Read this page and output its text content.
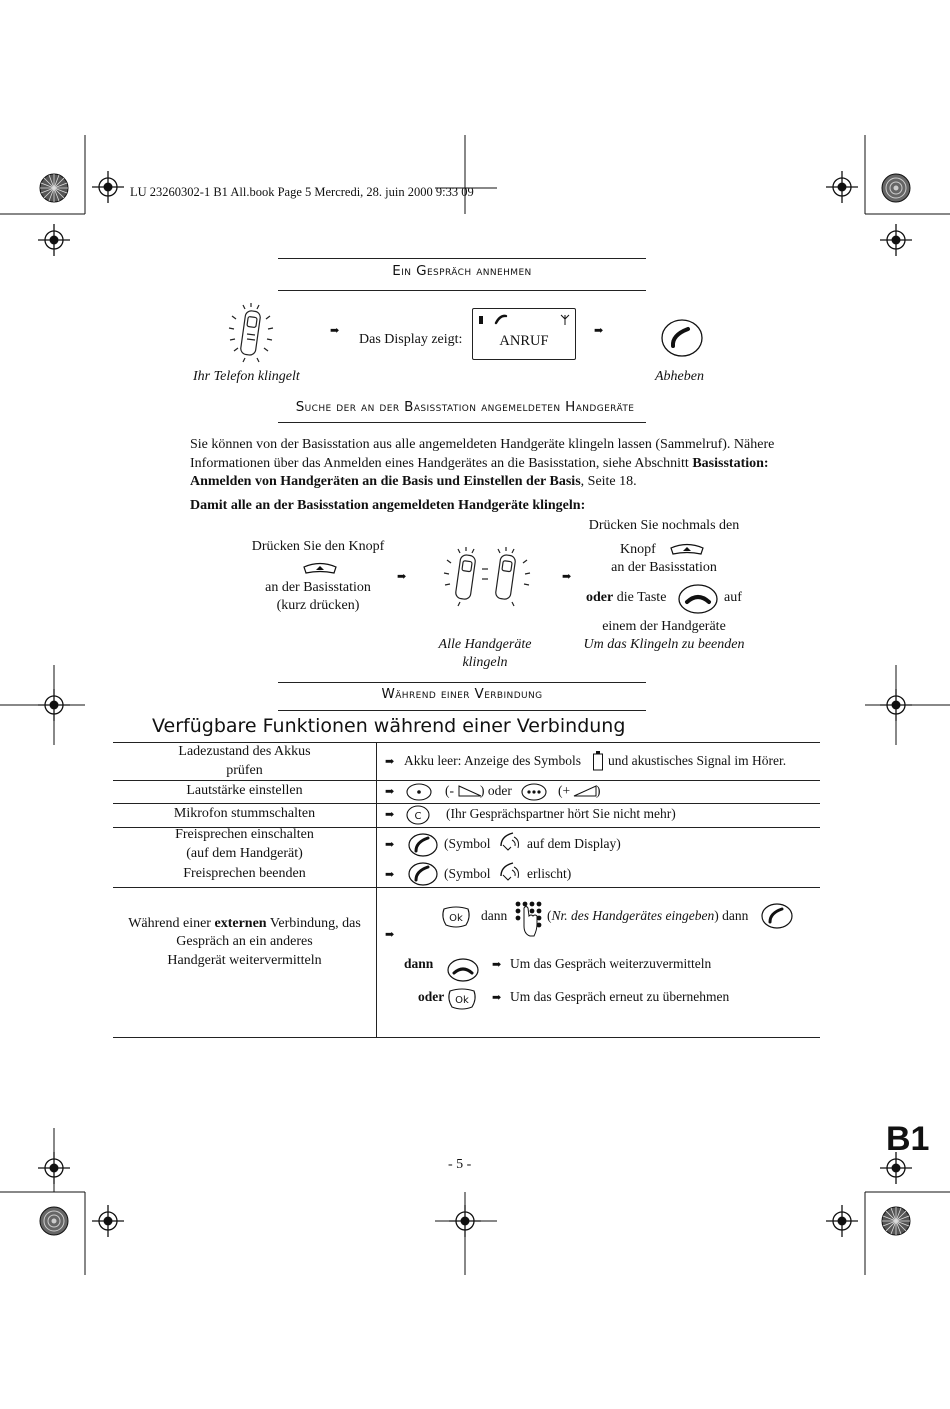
LU 23260302-1 B1 All.book Page 5 Mercredi, 28. juin 2000 9:33 09
Ein Gespräch annehmen
➡
Das Display zeigt:	ANRUF
➡
Ihr Telefon klingelt	Abheben
Suche der an der Basisstation angemeldeten Handgeräte
Sie können von der Basisstation aus alle angemeldeten Handgeräte klingeln lassen (Sammelruf). Nähere
Informationen über das Anmelden eines Handgerätes an die Basisstation, siehe Abschnitt Basisstation:
Anmelden von Handgeräten an die Basis und Einstellen der Basis, Seite 18.
Damit alle an der Basisstation angemeldeten Handgeräte klingeln:
Drücken Sie den Knopf
an der Basisstation
(kurz drücken)
➡	➡
Alle Handgeräte
klingeln
Drücken Sie nochmals den
Knopf
an der Basisstation
oder die Taste	auf
einem der Handgeräte
Um das Klingeln zu beenden
Während einer Verbindung
Verfügbare Funktionen während einer Verbindung
Ladezustand des Akkus
prüfen
➡ Akku leer: Anzeige des Symbols und akustisches Signal im Hörer.
Lautstärke einstellen	➡	(- ) oder	(+ )
Mikrofon stummschalten	➡ C (Ihr Gesprächspartner hört Sie nicht mehr)
Freisprechen einschalten
(auf dem Handgerät)
➡	(Symbol	auf dem Display)
Freisprechen beenden	➡	(Symbol	erlischt)
Während einer externen Verbindung, das
Gespräch an ein anderes
Handgerät weitervermitteln
➡
Ok dann	(Nr. des Handgerätes eingeben) dann
dann	➡ Um das Gespräch weiterzuvermitteln
oder Ok ➡ Um das Gespräch erneut zu übernehmen
- 5 -
B1
